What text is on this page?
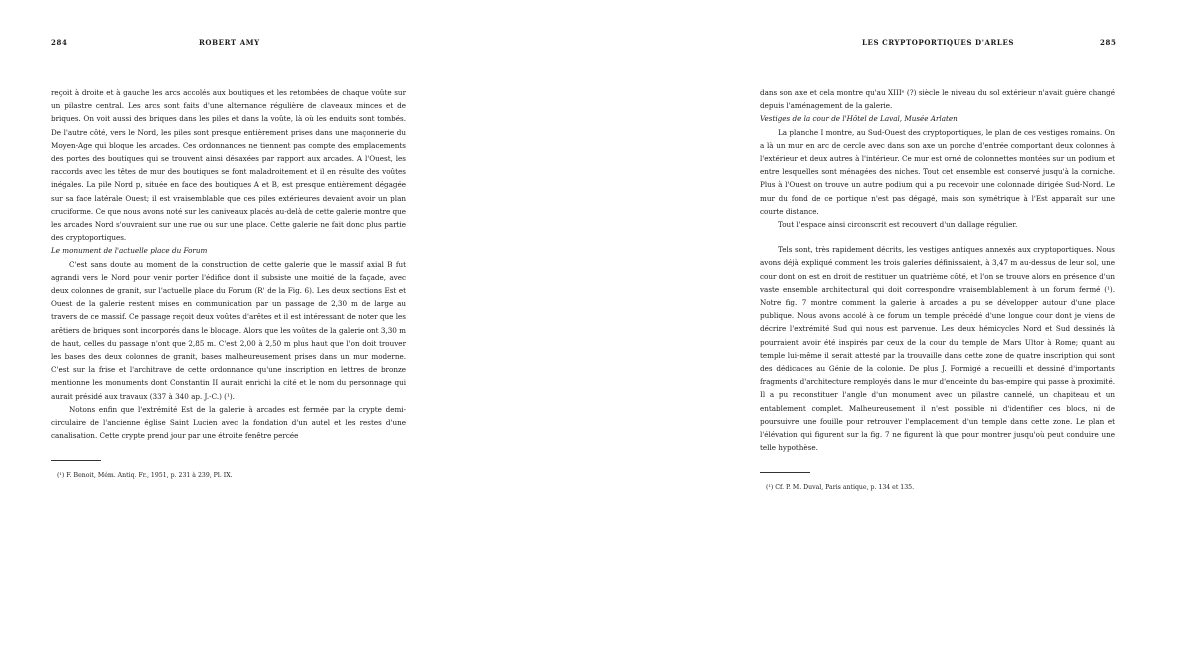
284	ROBERT AMY

reçoit à droite et à gauche les arcs accolés aux boutiques et les retombées de chaque voûte sur un pilastre central. Les arcs sont faits d'une alternance régulière de claveaux minces et de briques. On voit aussi des briques dans les piles et dans la voûte, là où les enduits sont tombés. De l'autre côté, vers le Nord, les piles sont presque entièrement prises dans une maçonnerie du Moyen-Age qui bloque les arcades. Ces ordonnances ne tiennent pas compte des emplacements des portes des boutiques qui se trouvent ainsi désaxées par rapport aux arcades. A l'Ouest, les raccords avec les têtes de mur des boutiques se font maladroitement et il en résulte des voûtes inégales. La pile Nord p, située en face des boutiques A et B, est presque entièrement dégagée sur sa face latérale Ouest; il est vraisemblable que ces piles extérieures devaient avoir un plan cruciforme. Ce que nous avons noté sur les caniveaux placés au-delà de cette galerie montre que les arcades Nord s'ouvraient sur une rue ou sur une place. Cette galerie ne fait donc plus partie des cryptoportiques.

Le monument de l'actuelle place du Forum

C'est sans doute au moment de la construction de cette galerie que le massif axial B fut agrandi vers le Nord pour venir porter l'édifice dont il subsiste une moitié de la façade, avec deux colonnes de granit, sur l'actuelle place du Forum (R' de la Fig. 6). Les deux sections Est et Ouest de la galerie restent mises en communication par un passage de 2,30 m de large au travers de ce massif. Ce passage reçoit deux voûtes d'arêtes et il est intéressant de noter que les arêtiers de briques sont incorporés dans le blocage. Alors que les voûtes de la galerie ont 3,30 m de haut, celles du passage n'ont que 2,85 m. C'est 2,00 à 2,50 m plus haut que l'on doit trouver les bases des deux colonnes de granit, bases malheureusement prises dans un mur moderne. C'est sur la frise et l'architrave de cette ordonnance qu'une inscription en lettres de bronze mentionne les monuments dont Constantin II aurait enrichi la cité et le nom du personnage qui aurait présidé aux travaux (337 à 340 ap. J.-C.) (¹).

Notons enfin que l'extrémité Est de la galerie à arcades est fermée par la crypte demi-circulaire de l'ancienne église Saint Lucien avec la fondation d'un autel et les restes d'une canalisation. Cette crypte prend jour par une étroite fenêtre percée

(¹) F. Benoit, Mém. Antiq. Fr., 1951, p. 231 à 239, Pl. IX.

LES CRYPTOPORTIQUES D'ARLES	285

dans son axe et cela montre qu'au XIIIᵉ (?) siècle le niveau du sol extérieur n'avait guère changé depuis l'aménagement de la galerie.

Vestiges de la cour de l'Hôtel de Laval, Musée Arlaten

La planche I montre, au Sud-Ouest des cryptoportiques, le plan de ces vestiges romains. On a là un mur en arc de cercle avec dans son axe un porche d'entrée comportant deux colonnes à l'extérieur et deux autres à l'intérieur. Ce mur est orné de colonnettes montées sur un podium et entre lesquelles sont ménagées des niches. Tout cet ensemble est conservé jusqu'à la corniche. Plus à l'Ouest on trouve un autre podium qui a pu recevoir une colonnade dirigée Sud-Nord. Le mur du fond de ce portique n'est pas dégagé, mais son symétrique à l'Est apparaît sur une courte distance.

Tout l'espace ainsi circonscrit est recouvert d'un dallage régulier.

Tels sont, très rapidement décrits, les vestiges antiques annexés aux cryptoportiques. Nous avons déjà expliqué comment les trois galeries définissaient, à 3,47 m au-dessus de leur sol, une cour dont on est en droit de restituer un quatrième côté, et l'on se trouve alors en présence d'un vaste ensemble architectural qui doit correspondre vraisemblablement à un forum fermé (¹). Notre fig. 7 montre comment la galerie à arcades a pu se développer autour d'une place publique. Nous avons accolé à ce forum un temple précédé d'une longue cour dont je viens de décrire l'extrémité Sud qui nous est parvenue. Les deux hémicycles Nord et Sud dessinés là pourraient avoir été inspirés par ceux de la cour du temple de Mars Ultor à Rome; quant au temple lui-même il serait attesté par la trouvaille dans cette zone de quatre inscription qui sont des dédicaces au Génie de la colonie. De plus J. Formigé a recueilli et dessiné d'importants fragments d'architecture remployés dans le mur d'enceinte du bas-empire qui passe à proximité. Il a pu reconstituer l'angle d'un monument avec un pilastre cannelé, un chapiteau et un entablement complet. Malheureusement il n'est possible ni d'identifier ces blocs, ni de poursuivre une fouille pour retrouver l'emplacement d'un temple dans cette zone. Le plan et l'élévation qui figurent sur la fig. 7 ne figurent là que pour montrer jusqu'où peut conduire une telle hypothèse.

(¹) Cf. P. M. Duval, Paris antique, p. 134 et 135.
